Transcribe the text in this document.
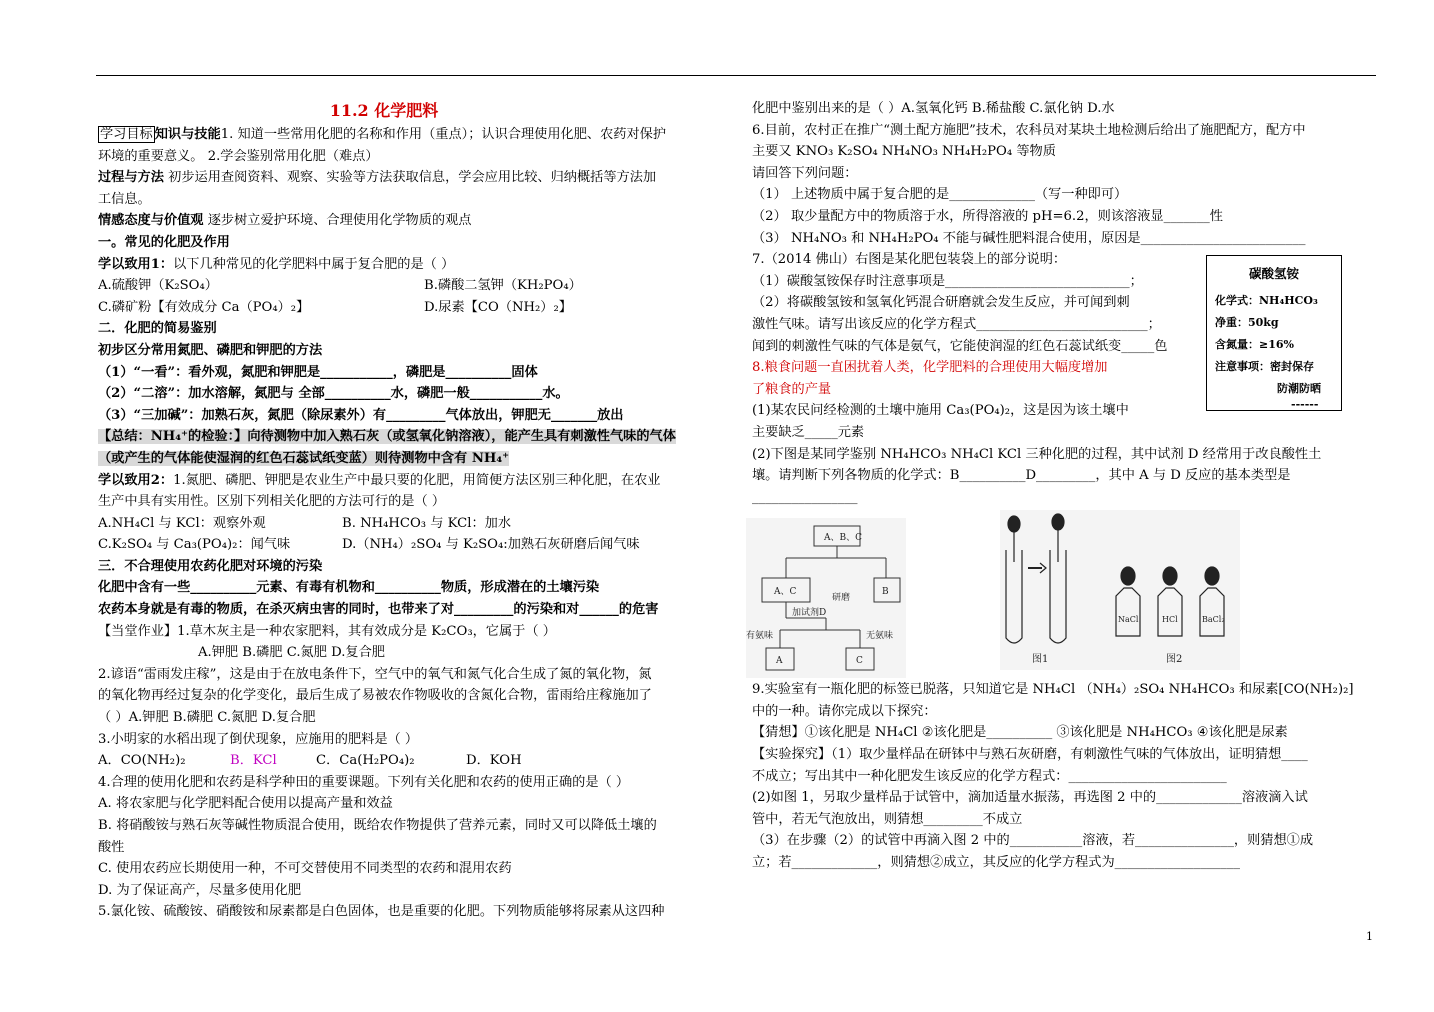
11.2 化学肥料
学习目标 知识与技能1. 知道一些常用化肥的名称和作用（重点）；认识合理使用化肥、农药对保护
环境的重要意义。 2.学会鉴别常用化肥（难点）
过程与方法 初步运用查阅资料、观察、实验等方法获取信息，学会应用比较、归纳概括等方法加
工信息。
情感态度与价值观 逐步树立爱护环境、合理使用化学物质的观点
一。常见的化肥及作用
学以致用1：以下几种常见的化学肥料中属于复合肥的是（ ）
A.硫酸钾（K₂SO₄）	B.磷酸二氢钾（KH₂PO₄）
C.磷矿粉【有效成分 Ca（PO₄）₂】	D.尿素【CO（NH₂）₂】
二．化肥的简易鉴别
初步区分常用氮肥、磷肥和钾肥的方法
（1）“一看”：看外观，氮肥和钾肥是___________，磷肥是__________固体
（2）“二溶”：加水溶解，氮肥与 全部__________水，磷肥一般___________水。
（3）“三加碱”：加熟石灰，氮肥（除尿素外）有_________气体放出，钾肥无_______放出
【总结：NH₄⁺的检验：】向待测物中加入熟石灰（或氢氧化钠溶液），能产生具有刺激性气味的气体
（或产生的气体能使湿润的红色石蕊试纸变蓝）则待测物中含有 NH₄⁺
学以致用2：1.氮肥、磷肥、钾肥是农业生产中最只要的化肥，用简便方法区别三种化肥，在农业
生产中具有实用性。区别下列相关化肥的方法可行的是（ ）
A.NH₄Cl 与 KCl：观察外观	B. NH₄HCO₃ 与 KCl：加水
C.K₂SO₄ 与 Ca₃(PO₄)₂：闻气味	D.（NH₄）₂SO₄ 与 K₂SO₄:加熟石灰研磨后闻气味
三．不合理使用农药化肥对环境的污染
化肥中含有一些__________元素、有毒有机物和__________物质，形成潜在的土壤污染
农药本身就是有毒的物质，在杀灭病虫害的同时，也带来了对_________的污染和对______的危害
【当堂作业】1.草木灰主是一种农家肥料，其有效成分是 K₂CO₃，它属于（ ）
A.钾肥 B.磷肥 C.氮肥 D.复合肥
2.谚语“雷雨发庄稼”，这是由于在放电条件下，空气中的氧气和氮气化合生成了氮的氧化物，氮
的氧化物再经过复杂的化学变化，最后生成了易被农作物吸收的含氮化合物，雷雨给庄稼施加了
（ ）A.钾肥 B.磷肥 C.氮肥 D.复合肥
3.小明家的水稻出现了倒伏现象，应施用的肥料是（ ）
A．CO(NH₂)₂	B．KCl	C．Ca(H₂PO₄)₂	D．KOH
4.合理的使用化肥和农药是科学种田的重要课题。下列有关化肥和农药的使用正确的是（ ）
A. 将农家肥与化学肥料配合使用以提高产量和效益
B. 将硝酸铵与熟石灰等碱性物质混合使用，既给农作物提供了营养元素，同时又可以降低土壤的
酸性
C. 使用农药应长期使用一种，不可交替使用不同类型的农药和混用农药
D. 为了保证高产，尽量多使用化肥
5.氯化铵、硫酸铵、硝酸铵和尿素都是白色固体，也是重要的化肥。下列物质能够将尿素从这四种
化肥中鉴别出来的是（ ）A.氢氧化钙 B.稀盐酸 C.氯化钠 D.水
6.目前，农村正在推广“测土配方施肥”技术，农科员对某块土地检测后给出了施肥配方，配方中
主要又 KNO₃ K₂SO₄ NH₄NO₃ NH₄H₂PO₄ 等物质
请回答下列问题：
（1） 上述物质中属于复合肥的是_____________（写一种即可）
（2） 取少量配方中的物质溶于水，所得溶液的 pH=6.2，则该溶液显_______性
（3） NH₄NO₃ 和 NH₄H₂PO₄ 不能与碱性肥料混合使用，原因是_________________________
7.（2014 佛山）右图是某化肥包装袋上的部分说明：
（1）碳酸氢铵保存时注意事项是____________________________；
（2）将碳酸氢铵和氢氧化钙混合研磨就会发生反应，并可闻到刺
激性气味。请写出该反应的化学方程式__________________________；
闻到的刺激性气味的气体是氨气，它能使润湿的红色石蕊试纸变_____色
8.粮食问题一直困扰着人类，化学肥料的合理使用大幅度增加
了粮食的产量
(1)某农民问经检测的土壤中施用 Ca₃(PO₄)₂，这是因为该土壤中
主要缺乏_____元素
(2)下图是某同学鉴别 NH₄HCO₃ NH₄Cl KCl 三种化肥的过程，其中试剂 D 经常用于改良酸性土
壤。请判断下列各物质的化学式：B__________D_________，其中 A 与 D 反应的基本类型是
________________
9.实验室有一瓶化肥的标签已脱落，只知道它是 NH₄Cl （NH₄）₂SO₄ NH₄HCO₃ 和尿素[CO(NH₂)₂]
中的一种。请你完成以下探究：
【猜想】①该化肥是 NH₄Cl ②该化肥是__________ ③该化肥是 NH₄HCO₃ ④该化肥是尿素
【实验探究】（1）取少量样品在研钵中与熟石灰研磨，有刺激性气味的气体放出，证明猜想____
不成立；写出其中一种化肥发生该反应的化学方程式：________________________
(2)如图 1，另取少量样品于试管中，滴加适量水振荡，再选图 2 中的_____________溶液滴入试
管中，若无气泡放出，则猜想_________不成立
（3）在步骤（2）的试管中再滴入图 2 中的___________溶液，若_______________，则猜想①成
立；若_____________，则猜想②成立，其反应的化学方程式为___________________
碳酸氢铵
化学式：NH₄HCO₃
净重：50kg
含氮量：≥16%
注意事项：密封保存
防潮防晒
------
A、B、C
A、C	B
加试剂D
研磨
有氨味	无氨味
A	C
NaCl	HCl	BaCl₂
图1	图2
1
